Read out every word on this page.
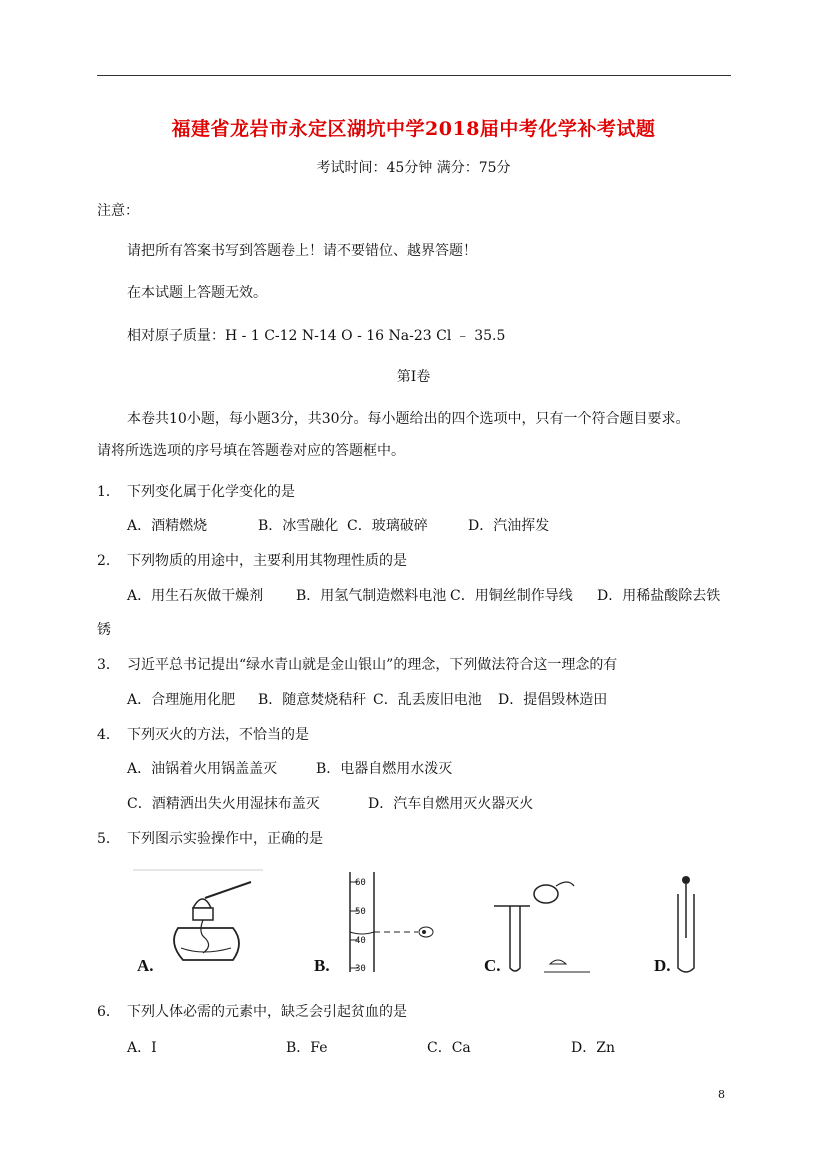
福建省龙岩市永定区湖坑中学2018届中考化学补考试题
考试时间：45分钟 满分：75分
注意：
请把所有答案书写到答题卷上！请不要错位、越界答题！
在本试题上答题无效。
相对原子质量：H - 1 C-12 N-14 O - 16 Na-23 Cl ﹣ 35.5
第Ⅰ卷
本卷共10小题，每小题3分，共30分。每小题给出的四个选项中，只有一个符合题目要求。
请将所选选项的序号填在答题卷对应的答题框中。
1． 下列变化属于化学变化的是
A．酒精燃烧	B．冰雪融化 C．玻璃破碎	D．汽油挥发
2． 下列物质的用途中，主要利用其物理性质的是
A．用生石灰做干燥剂 B．用氢气制造燃料电池 C．用铜丝制作导线 D．用稀盐酸除去铁
锈
3． 习近平总书记提出“绿水青山就是金山银山”的理念，下列做法符合这一理念的有
A．合理施用化肥 B．随意焚烧秸秆 C．乱丢废旧电池 D．提倡毁林造田
4． 下列灭火的方法，不恰当的是
A．油锅着火用锅盖盖灭	B．电器自燃用水泼灭
C．酒精洒出失火用湿抹布盖灭	D．汽车自燃用灭火器灭火
5． 下列图示实验操作中，正确的是
A.
60
50
40
30
B.	C.	D.
6． 下列人体必需的元素中，缺乏会引起贫血的是
A．I	B．Fe	C．Ca	D．Zn
8
